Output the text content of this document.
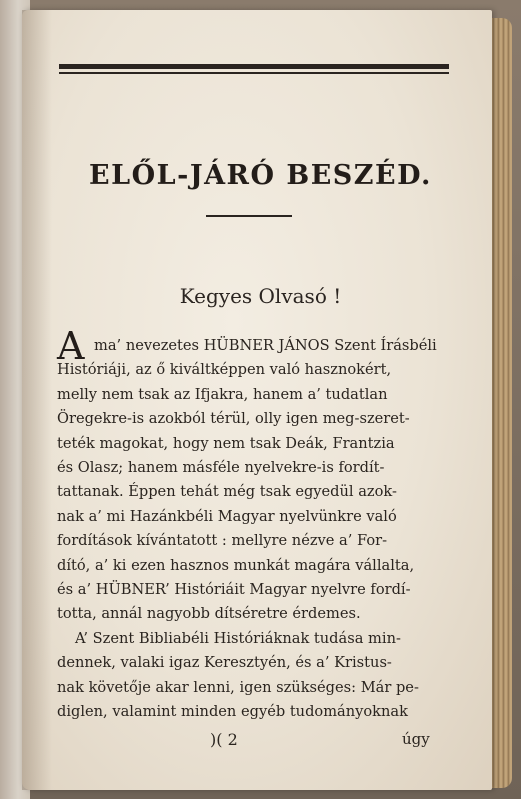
ELŐL-JÁRÓ BESZÉD.
Kegyes Olvasó !
A ma’ nevezetes HÜBNER JÁNOS Szent Írásbéli
Históriáji, az ő kiváltképpen való hasznokért,
melly nem tsak az Ifjakra, hanem a’ tudatlan
Öregekre-is azokból térül, olly igen meg-szeret-
teték magokat, hogy nem tsak Deák, Frantzia
és Olasz; hanem másféle nyelvekre-is fordít-
tattanak. Éppen tehát még tsak egyedül azok-
nak a’ mi Hazánkbéli Magyar nyelvünkre való
fordítások kívántatott : mellyre nézve a’ For-
dító, a’ ki ezen hasznos munkát magára vállalta,
és a’ HÜBNER’ Históriáit Magyar nyelvre fordí-
totta, annál nagyobb dítséretre érdemes.
A’ Szent Bibliabéli Históriáknak tudása min-
dennek, valaki igaz Keresztyén, és a’ Kristus-
nak követője akar lenni, igen szükséges: Már pe-
diglen, valamint minden egyéb tudományoknak
)( 2	úgy
